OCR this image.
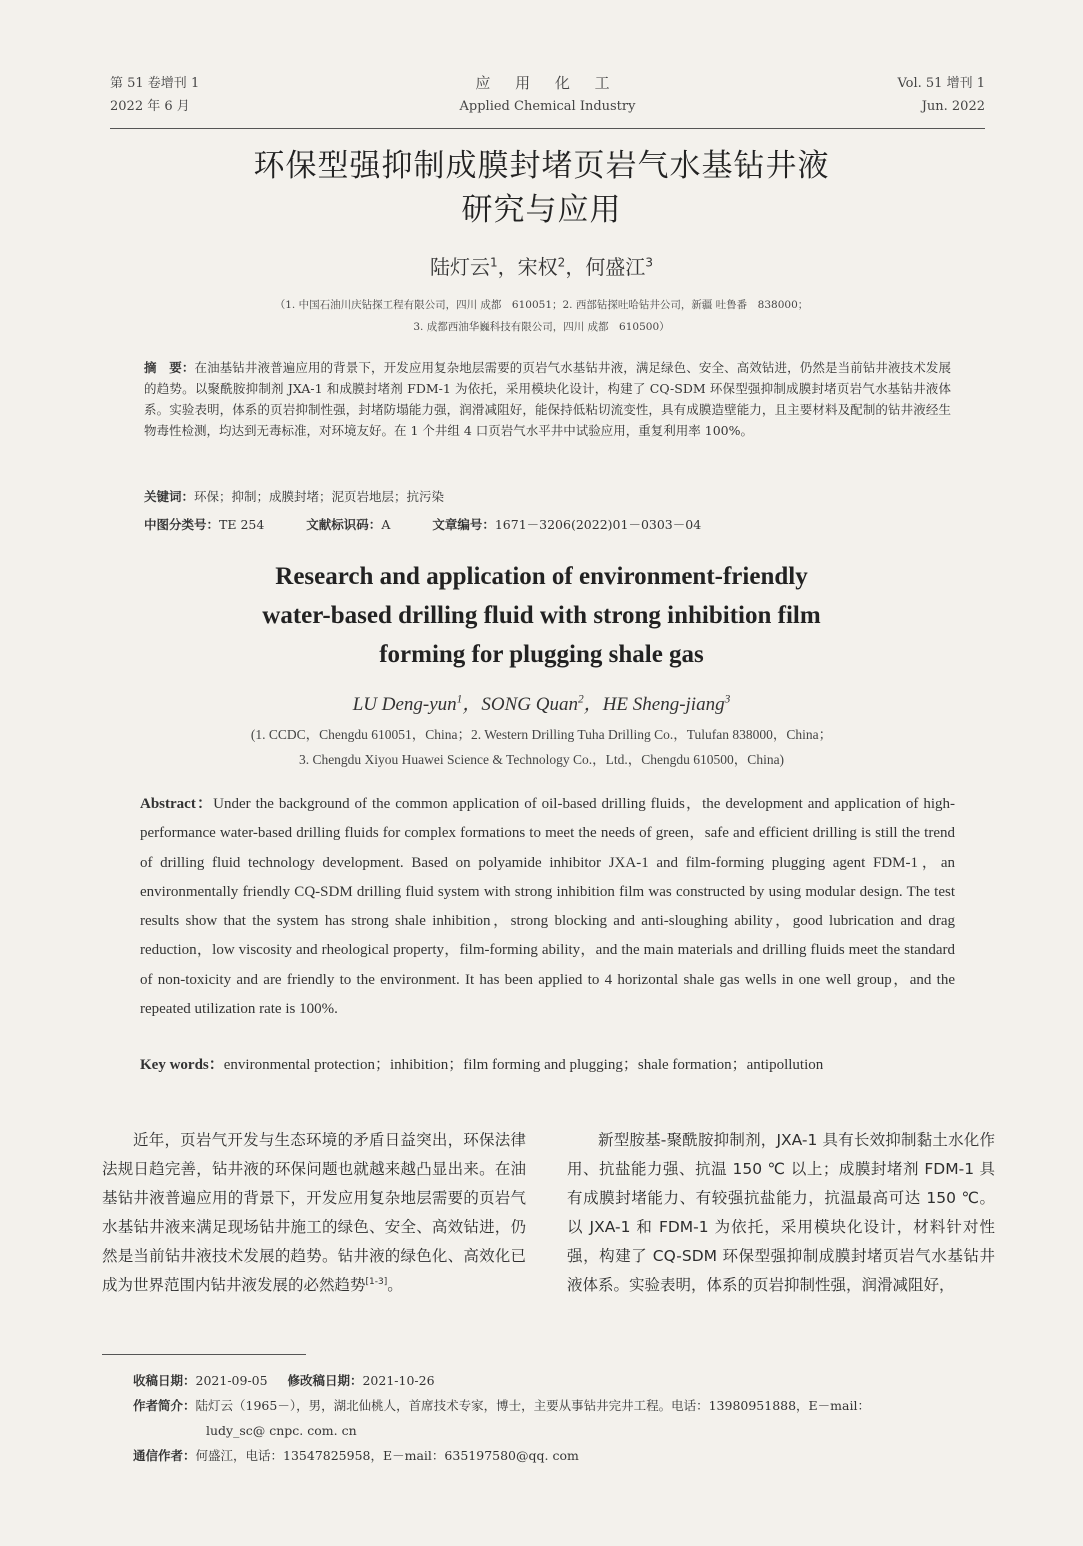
第 51 卷增刊 1
2022 年 6 月
应 用 化 工
Applied Chemical Industry
Vol. 51 增刊 1
Jun. 2022
环保型强抑制成膜封堵页岩气水基钻井液
研究与应用
陆灯云$^1$，宋权$^2$，何盛江$^3$
（1. 中国石油川庆钻探工程有限公司，四川 成都　610051；2. 西部钻探吐哈钻井公司，新疆 吐鲁番　838000；
3. 成都西油华巍科技有限公司，四川 成都　610500）
摘　要：在油基钻井液普遍应用的背景下，开发应用复杂地层需要的页岩气水基钻井液，满足绿色、安全、高效钻进，仍然是当前钻井液技术发展的趋势。以聚酰胺抑制剂 JXA-1 和成膜封堵剂 FDM-1 为依托，采用模块化设计，构建了 CQ-SDM 环保型强抑制成膜封堵页岩气水基钻井液体系。实验表明，体系的页岩抑制性强，封堵防塌能力强，润滑减阻好，能保持低粘切流变性，具有成膜造壁能力，且主要材料及配制的钻井液经生物毒性检测，均达到无毒标准，对环境友好。在 1 个井组 4 口页岩气水平井中试验应用，重复利用率 100%。
关键词：环保；抑制；成膜封堵；泥页岩地层；抗污染
中图分类号：TE 254	文献标识码：A	文章编号：1671－3206(2022)01－0303－04
Research and application of environment-friendly
water-based drilling fluid with strong inhibition film
forming for plugging shale gas
LU Deng-yun$^1$，SONG Quan$^2$，HE Sheng-jiang$^3$
(1. CCDC，Chengdu 610051，China；2. Western Drilling Tuha Drilling Co.，Tulufan 838000，China；
3. Chengdu Xiyou Huawei Science & Technology Co.，Ltd.，Chengdu 610500，China)
Abstract：Under the background of the common application of oil-based drilling fluids，the development and application of high-performance water-based drilling fluids for complex formations to meet the needs of green，safe and efficient drilling is still the trend of drilling fluid technology development. Based on polyamide inhibitor JXA-1 and film-forming plugging agent FDM-1，an environmentally friendly CQ-SDM drilling fluid system with strong inhibition film was constructed by using modular design. The test results show that the system has strong shale inhibition，strong blocking and anti-sloughing ability，good lubrication and drag reduction，low viscosity and rheological property，film-forming ability，and the main materials and drilling fluids meet the standard of non-toxicity and are friendly to the environment. It has been applied to 4 horizontal shale gas wells in one well group，and the repeated utilization rate is 100%.
Key words：environmental protection；inhibition；film forming and plugging；shale formation；antipollution

近年，页岩气开发与生态环境的矛盾日益突出，环保法律法规日趋完善，钻井液的环保问题也就越来越凸显出来。在油基钻井液普遍应用的背景下，开发应用复杂地层需要的页岩气水基钻井液来满足现场钻井施工的绿色、安全、高效钻进，仍然是当前钻井液技术发展的趋势。钻井液的绿色化、高效化已成为世界范围内钻井液发展的必然趋势[1-3]。

新型胺基-聚酰胺抑制剂，JXA-1 具有长效抑制黏土水化作用、抗盐能力强、抗温 150 ℃ 以上；成膜封堵剂 FDM-1 具有成膜封堵能力、有较强抗盐能力，抗温最高可达 150 ℃。以 JXA-1 和 FDM-1 为依托，采用模块化设计，材料针对性强，构建了 CQ-SDM 环保型强抑制成膜封堵页岩气水基钻井液体系。实验表明，体系的页岩抑制性强，润滑减阻好，

收稿日期：2021-09-05 修改稿日期：2021-10-26
作者简介：陆灯云（1965－），男，湖北仙桃人，首席技术专家，博士，主要从事钻井完井工程。电话：13980951888，E－mail：
ludy_sc@ cnpc. com. cn
通信作者：何盛江，电话：13547825958，E－mail：635197580@qq. com
